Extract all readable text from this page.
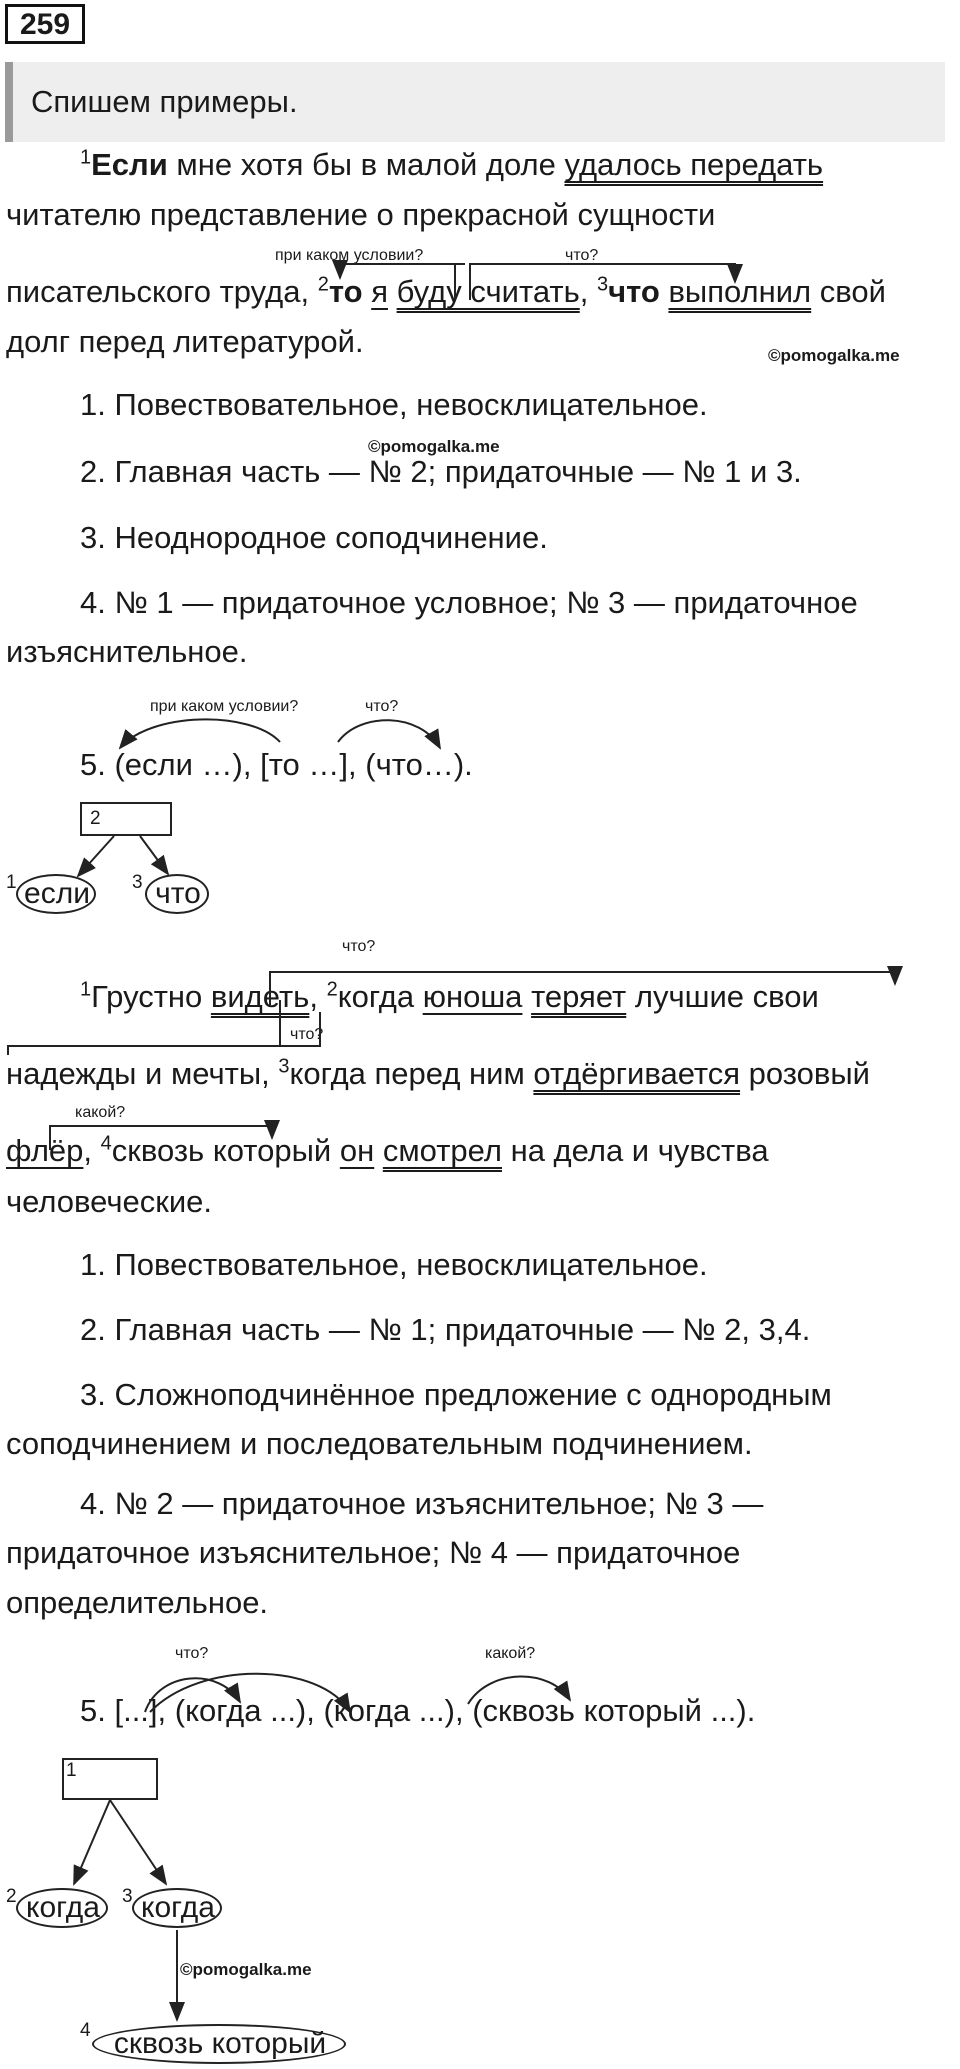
259
Спишем примеры.
$^1$Если мне хотя бы в малой доле удалось передать
читателю представление о прекрасной сущности
при каком условии?	что?
писательского труда, $^2$то я буду считать, $^3$что выполнил свой
долг перед литературой.	©pomogalka.me
1. Повествовательное, невосклицательное.
©pomogalka.me
2. Главная часть — № 2; придаточные — № 1 и 3.
3. Неоднородное соподчинение.
4. № 1 — придаточное условное; № 3 — придаточное
изъяснительное.
при каком условии?	что?
5. (если …), [то …], (что…).
2
1 если	3 что
что?
$^1$Грустно видеть, $^2$когда юноша теряет лучшие свои
что?
надежды и мечты, $^3$когда перед ним отдёргивается розовый
какой?
флёр, $^4$сквозь который он смотрел на дела и чувства
человеческие.
1. Повествовательное, невосклицательное.
2. Главная часть — № 1; придаточные — № 2, 3,4.
3. Сложноподчинённое предложение с однородным
соподчинением и последовательным подчинением.
4. № 2 — придаточное изъяснительное; № 3 —
придаточное изъяснительное; № 4 — придаточное
определительное.
что?	какой?
5. [...], (когда ...), (когда ...), (сквозь который ...).
1
2 когда	3 когда
©pomogalka.me
4 сквозь который
